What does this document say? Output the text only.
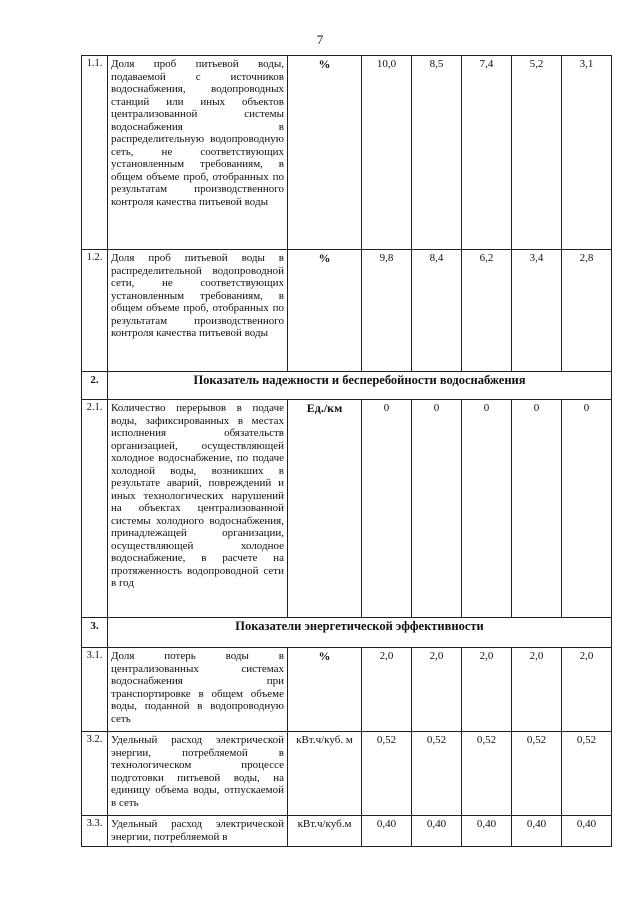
7
1.1.	Доля проб питьевой воды, подаваемой с источников водоснабжения, водопроводных станций или иных объектов централизованной системы водоснабжения в распределительную водопроводную сеть, не соответствующих установленным требованиям, в общем объеме проб, отобранных по результатам производственного контроля качества питьевой воды	%	10,0	8,5	7,4	5,2	3,1
1.2.	Доля проб питьевой воды в распределительной водопроводной сети, не соответствующих установленным требованиям, в общем объеме проб, отобранных по результатам производственного контроля качества питьевой воды	%	9,8	8,4	6,2	3,4	2,8
2.	Показатель надежности и бесперебойности водоснабжения						
2.1.	Количество перерывов в подаче воды, зафиксированных в местах исполнения обязательств организацией, осуществляющей холодное водоснабжение, по подаче холодной воды, возникших в результате аварий, повреждений и иных технологических нарушений на объектах централизованной системы холодного водоснабжения, принадлежащей организации, осуществляющей холодное водоснабжение, в расчете на протяженность водопроводной сети в год	Ед./км	0	0	0	0	0
3.	Показатели энергетической эффективности						
3.1.	Доля потерь воды в централизованных системах водоснабжения при транспортировке в общем объеме воды, поданной в водопроводную сеть	%	2,0	2,0	2,0	2,0	2,0
3.2.	Удельный расход электрической энергии, потребляемой в технологическом процессе подготовки питьевой воды, на единицу объема воды, отпускаемой в сеть	кВт.ч/куб. м	0,52	0,52	0,52	0,52	0,52
3.3.	Удельный расход электрической энергии, потребляемой в	кВт.ч/куб.м	0,40	0,40	0,40	0,40	0,40
